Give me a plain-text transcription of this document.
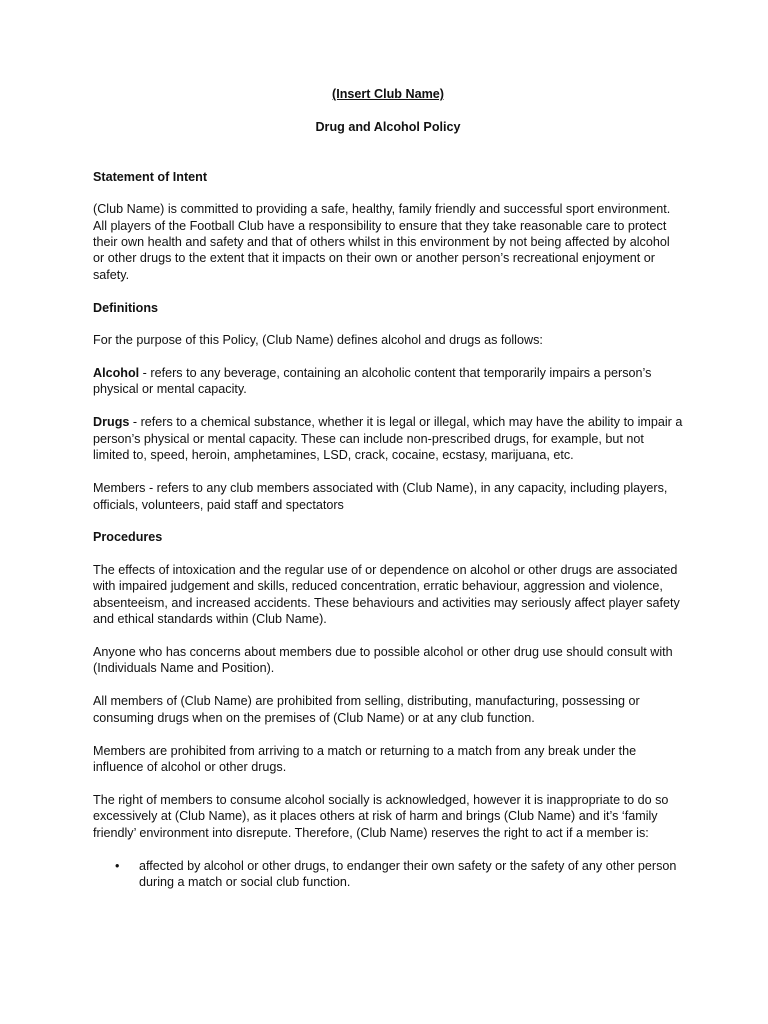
(Insert Club Name)
Drug and Alcohol Policy
Statement of Intent

(Club Name) is committed to providing a safe, healthy, family friendly and successful sport environment. All players of the Football Club have a responsibility to ensure that they take reasonable care to protect their own health and safety and that of others whilst in this environment by not being affected by alcohol or other drugs to the extent that it impacts on their own or another person’s recreational enjoyment or safety.

Definitions

For the purpose of this Policy, (Club Name) defines alcohol and drugs as follows:

Alcohol - refers to any beverage, containing an alcoholic content that temporarily impairs a person’s physical or mental capacity.

Drugs - refers to a chemical substance, whether it is legal or illegal, which may have the ability to impair a person’s physical or mental capacity. These can include non-prescribed drugs, for example, but not limited to, speed, heroin, amphetamines, LSD, crack, cocaine, ecstasy, marijuana, etc.

Members - refers to any club members associated with (Club Name), in any capacity, including players, officials, volunteers, paid staff and spectators

Procedures

The effects of intoxication and the regular use of or dependence on alcohol or other drugs are associated with impaired judgement and skills, reduced concentration, erratic behaviour, aggression and violence, absenteeism, and increased accidents. These behaviours and activities may seriously affect player safety and ethical standards within (Club Name).

Anyone who has concerns about members due to possible alcohol or other drug use should consult with (Individuals Name and Position).

All members of (Club Name) are prohibited from selling, distributing, manufacturing, possessing or consuming drugs when on the premises of (Club Name) or at any club function.

Members are prohibited from arriving to a match or returning to a match from any break under the influence of alcohol or other drugs.

The right of members to consume alcohol socially is acknowledged, however it is inappropriate to do so excessively at (Club Name), as it places others at risk of harm and brings (Club Name) and it’s ‘family friendly’ environment into disrepute. Therefore, (Club Name) reserves the right to act if a member is:

• affected by alcohol or other drugs, to endanger their own safety or the safety of any other person during a match or social club function.
